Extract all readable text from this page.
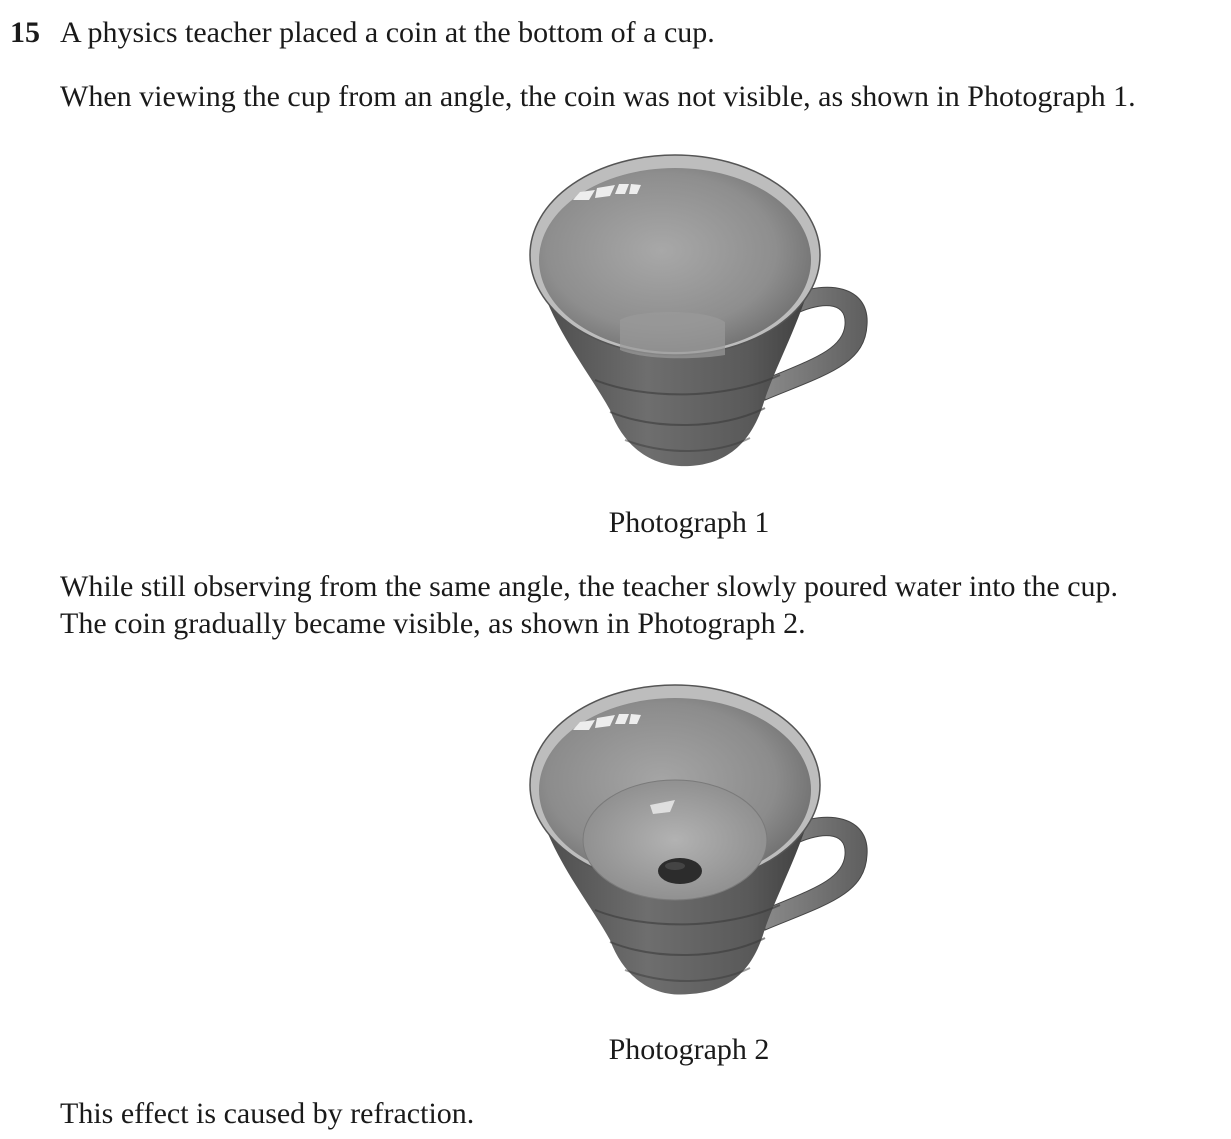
15 A physics teacher placed a coin at the bottom of a cup.

When viewing the cup from an angle, the coin was not visible, as shown in Photograph 1.

Photograph 1

While still observing from the same angle, the teacher slowly poured water into the cup.

The coin gradually became visible, as shown in Photograph 2.

Photograph 2

This effect is caused by refraction.
